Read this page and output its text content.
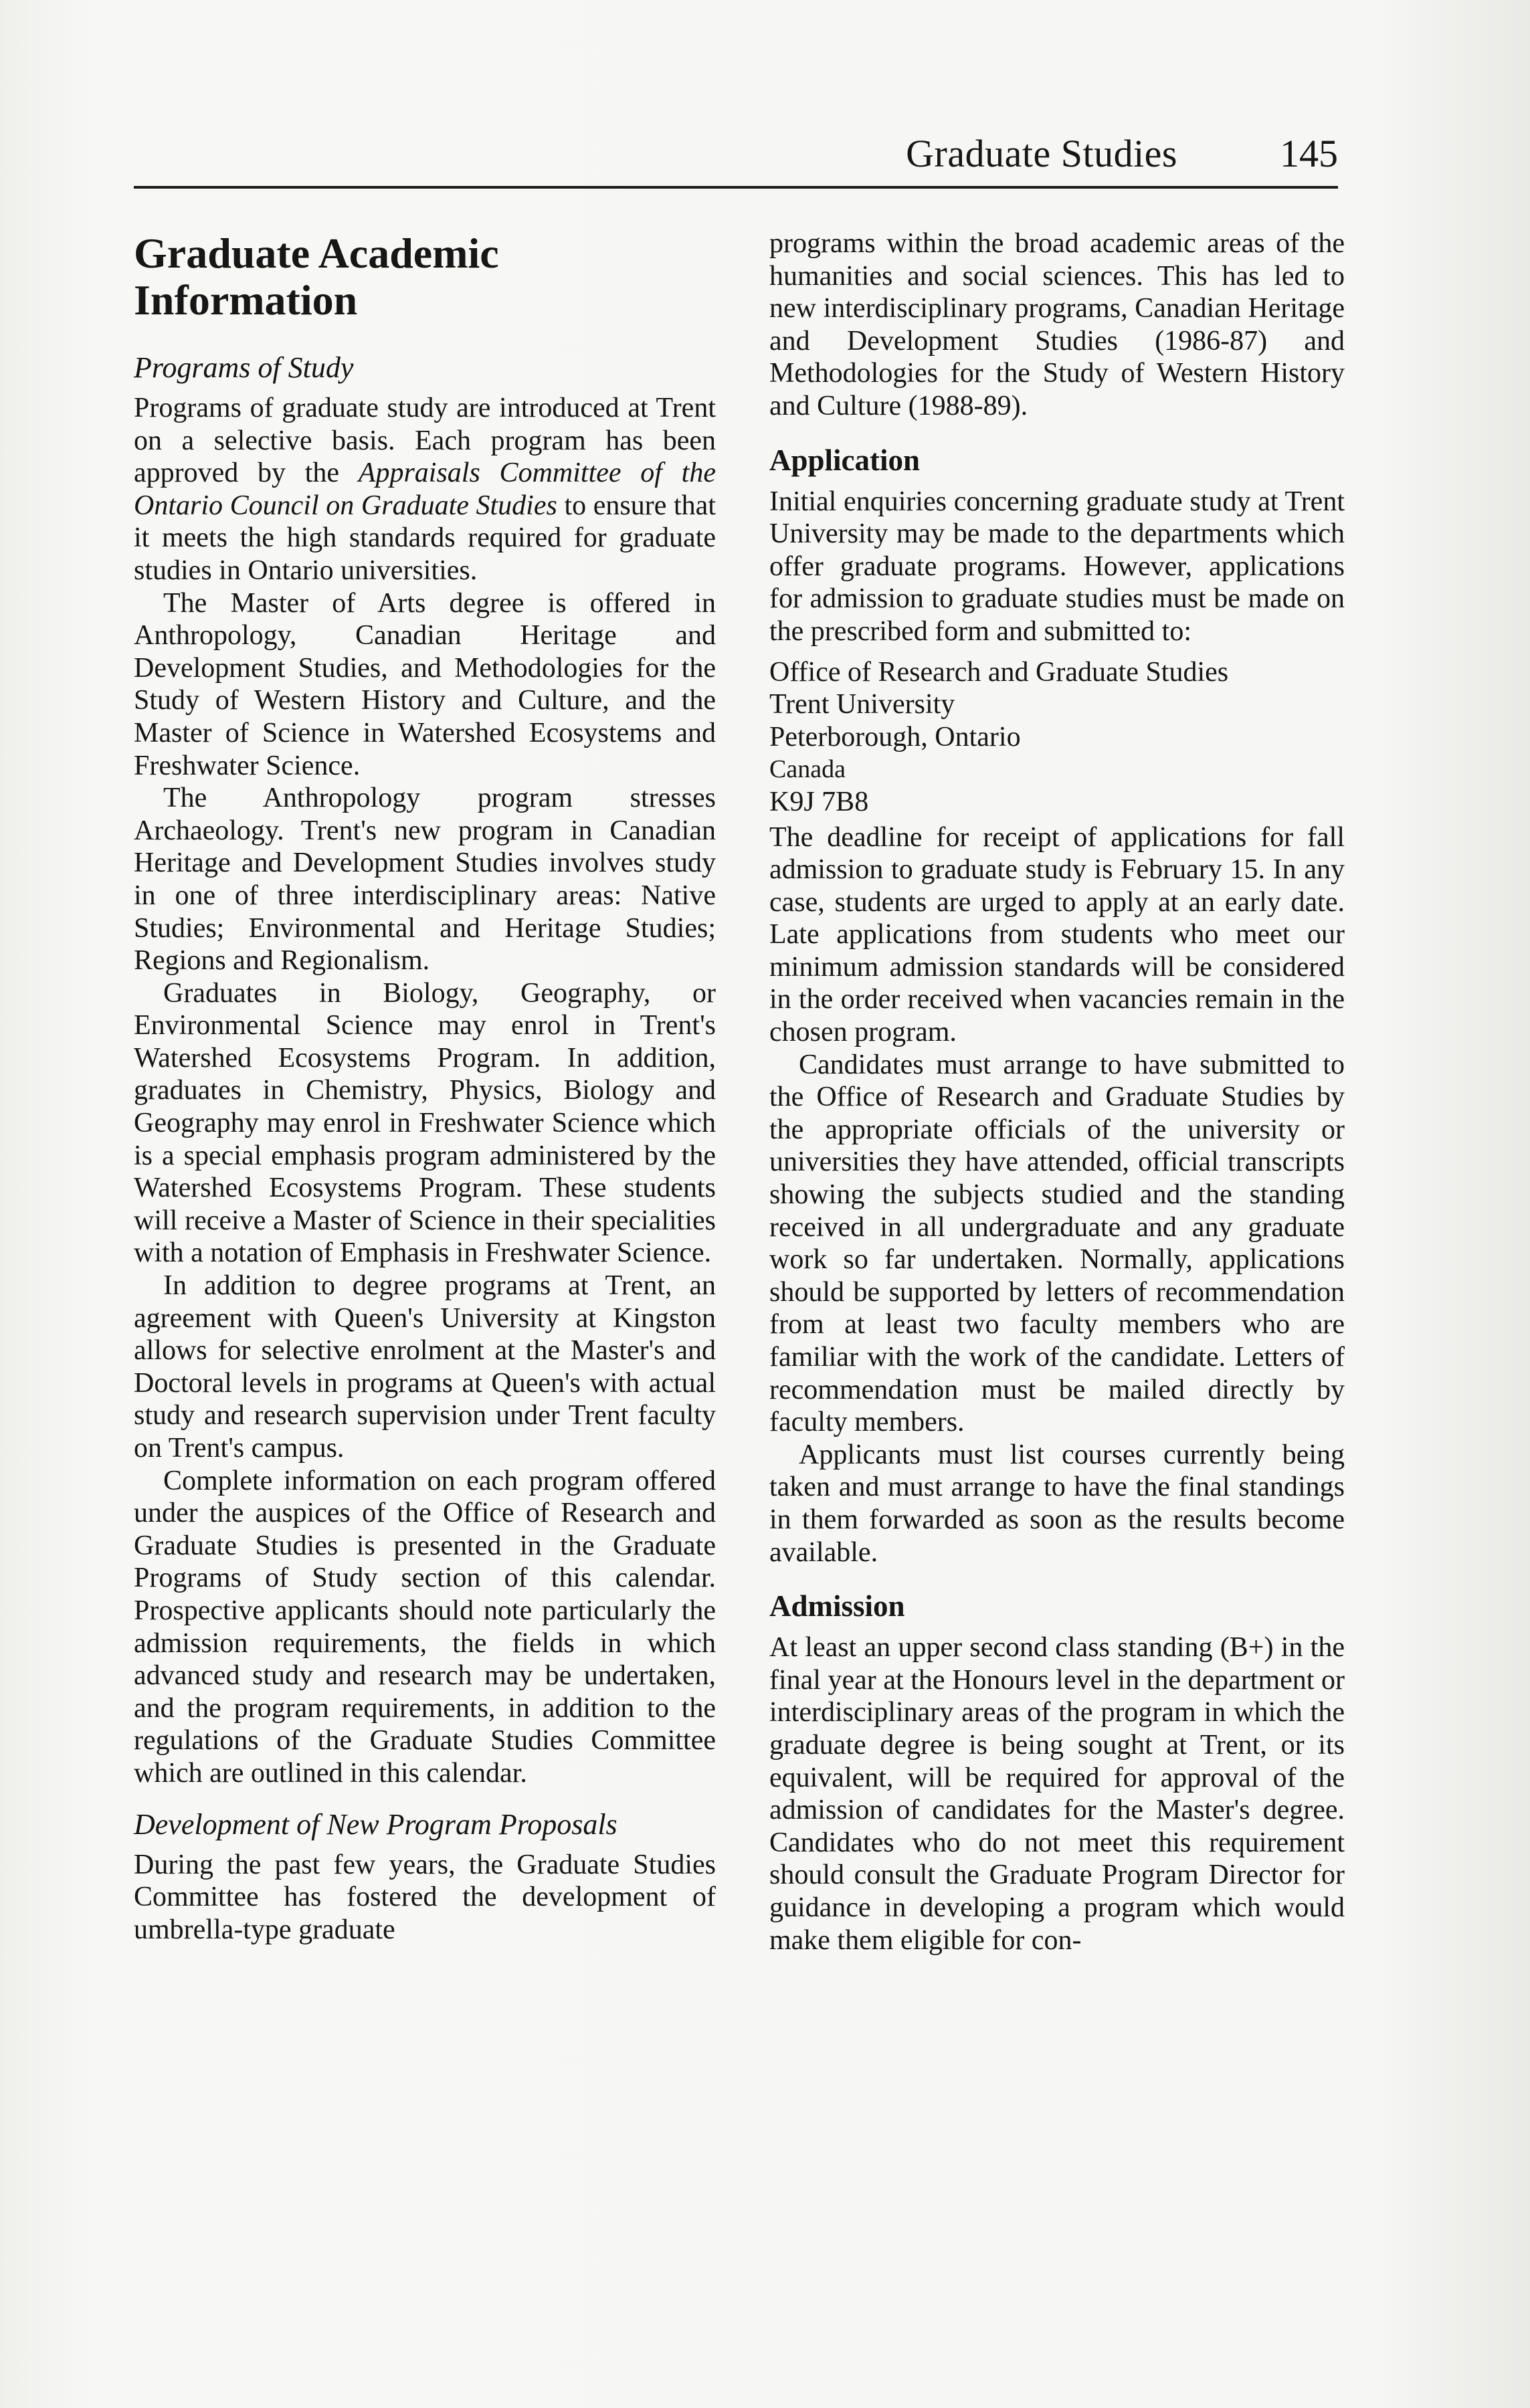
Graduate Studies	145
Graduate Academic
Information
Programs of Study

Programs of graduate study are introduced at Trent on a selective basis. Each program has been approved by the Appraisals Committee of the Ontario Council on Graduate Studies to ensure that it meets the high standards required for graduate studies in Ontario universities.

The Master of Arts degree is offered in Anthropology, Canadian Heritage and Development Studies, and Methodologies for the Study of Western History and Culture, and the Master of Science in Watershed Ecosystems and Freshwater Science.

The Anthropology program stresses Archaeology. Trent's new program in Canadian Heritage and Development Studies involves study in one of three interdisciplinary areas: Native Studies; Environmental and Heritage Studies; Regions and Regionalism.

Graduates in Biology, Geography, or Environmental Science may enrol in Trent's Watershed Ecosystems Program. In addition, graduates in Chemistry, Physics, Biology and Geography may enrol in Freshwater Science which is a special emphasis program administered by the Watershed Ecosystems Program. These students will receive a Master of Science in their specialities with a notation of Emphasis in Freshwater Science.

In addition to degree programs at Trent, an agreement with Queen's University at Kingston allows for selective enrolment at the Master's and Doctoral levels in programs at Queen's with actual study and research supervision under Trent faculty on Trent's campus.

Complete information on each program offered under the auspices of the Office of Research and Graduate Studies is presented in the Graduate Programs of Study section of this calendar. Prospective applicants should note particularly the admission requirements, the fields in which advanced study and research may be undertaken, and the program requirements, in addition to the regulations of the Graduate Studies Committee which are outlined in this calendar.

Development of New Program Proposals

During the past few years, the Graduate Studies Committee has fostered the development of umbrella-type graduate

programs within the broad academic areas of the humanities and social sciences. This has led to new interdisciplinary programs, Canadian Heritage and Development Studies (1986-87) and Methodologies for the Study of Western History and Culture (1988-89).

Application

Initial enquiries concerning graduate study at Trent University may be made to the departments which offer graduate programs. However, applications for admission to graduate studies must be made on the prescribed form and submitted to:

Office of Research and Graduate Studies
Trent University
Peterborough, Ontario
Canada
K9J 7B8

The deadline for receipt of applications for fall admission to graduate study is February 15. In any case, students are urged to apply at an early date. Late applications from students who meet our minimum admission standards will be considered in the order received when vacancies remain in the chosen program.

Candidates must arrange to have submitted to the Office of Research and Graduate Studies by the appropriate officials of the university or universities they have attended, official transcripts showing the subjects studied and the standing received in all undergraduate and any graduate work so far undertaken. Normally, applications should be supported by letters of recommendation from at least two faculty members who are familiar with the work of the candidate. Letters of recommendation must be mailed directly by faculty members.

Applicants must list courses currently being taken and must arrange to have the final standings in them forwarded as soon as the results become available.

Admission

At least an upper second class standing (B+) in the final year at the Honours level in the department or interdisciplinary areas of the program in which the graduate degree is being sought at Trent, or its equivalent, will be required for approval of the admission of candidates for the Master's degree. Candidates who do not meet this requirement should consult the Graduate Program Director for guidance in developing a program which would make them eligible for con-
